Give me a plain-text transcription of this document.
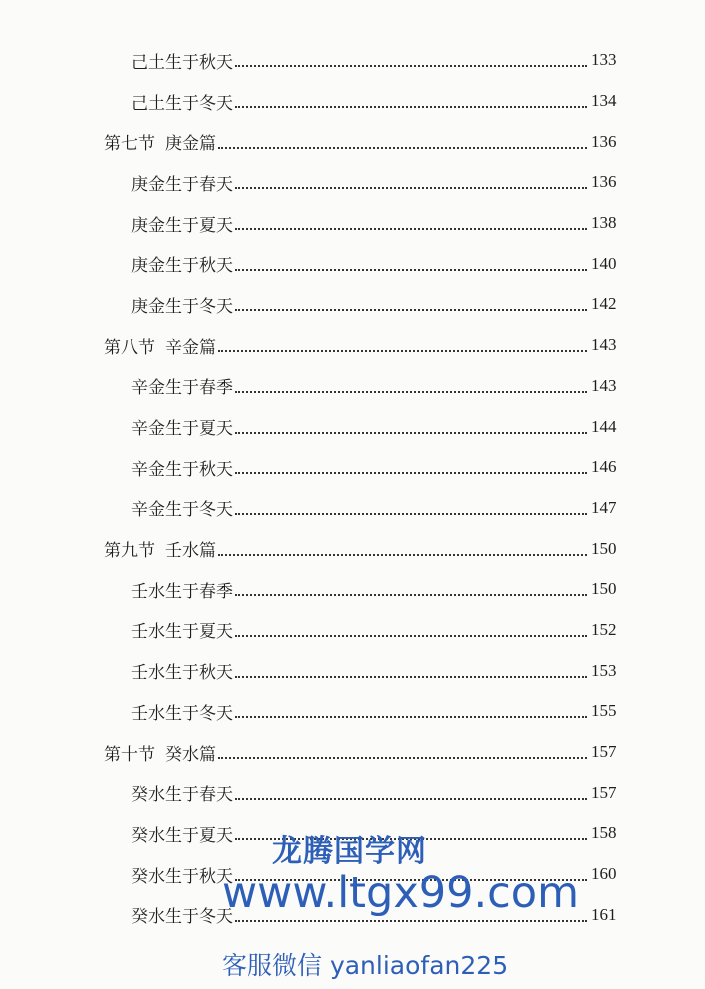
己土生于秋天	133
己土生于冬天	134
第七节 庚金篇	136
庚金生于春天	136
庚金生于夏天	138
庚金生于秋天	140
庚金生于冬天	142
第八节 辛金篇	143
辛金生于春季	143
辛金生于夏天	144
辛金生于秋天	146
辛金生于冬天	147
第九节 壬水篇	150
壬水生于春季	150
壬水生于夏天	152
壬水生于秋天	153
壬水生于冬天	155
第十节 癸水篇	157
癸水生于春天	157
癸水生于夏天	158
癸水生于秋天	160
癸水生于冬天	161
龙腾国学网
www.ltgx99.com
客服微信 yanliaofan225
